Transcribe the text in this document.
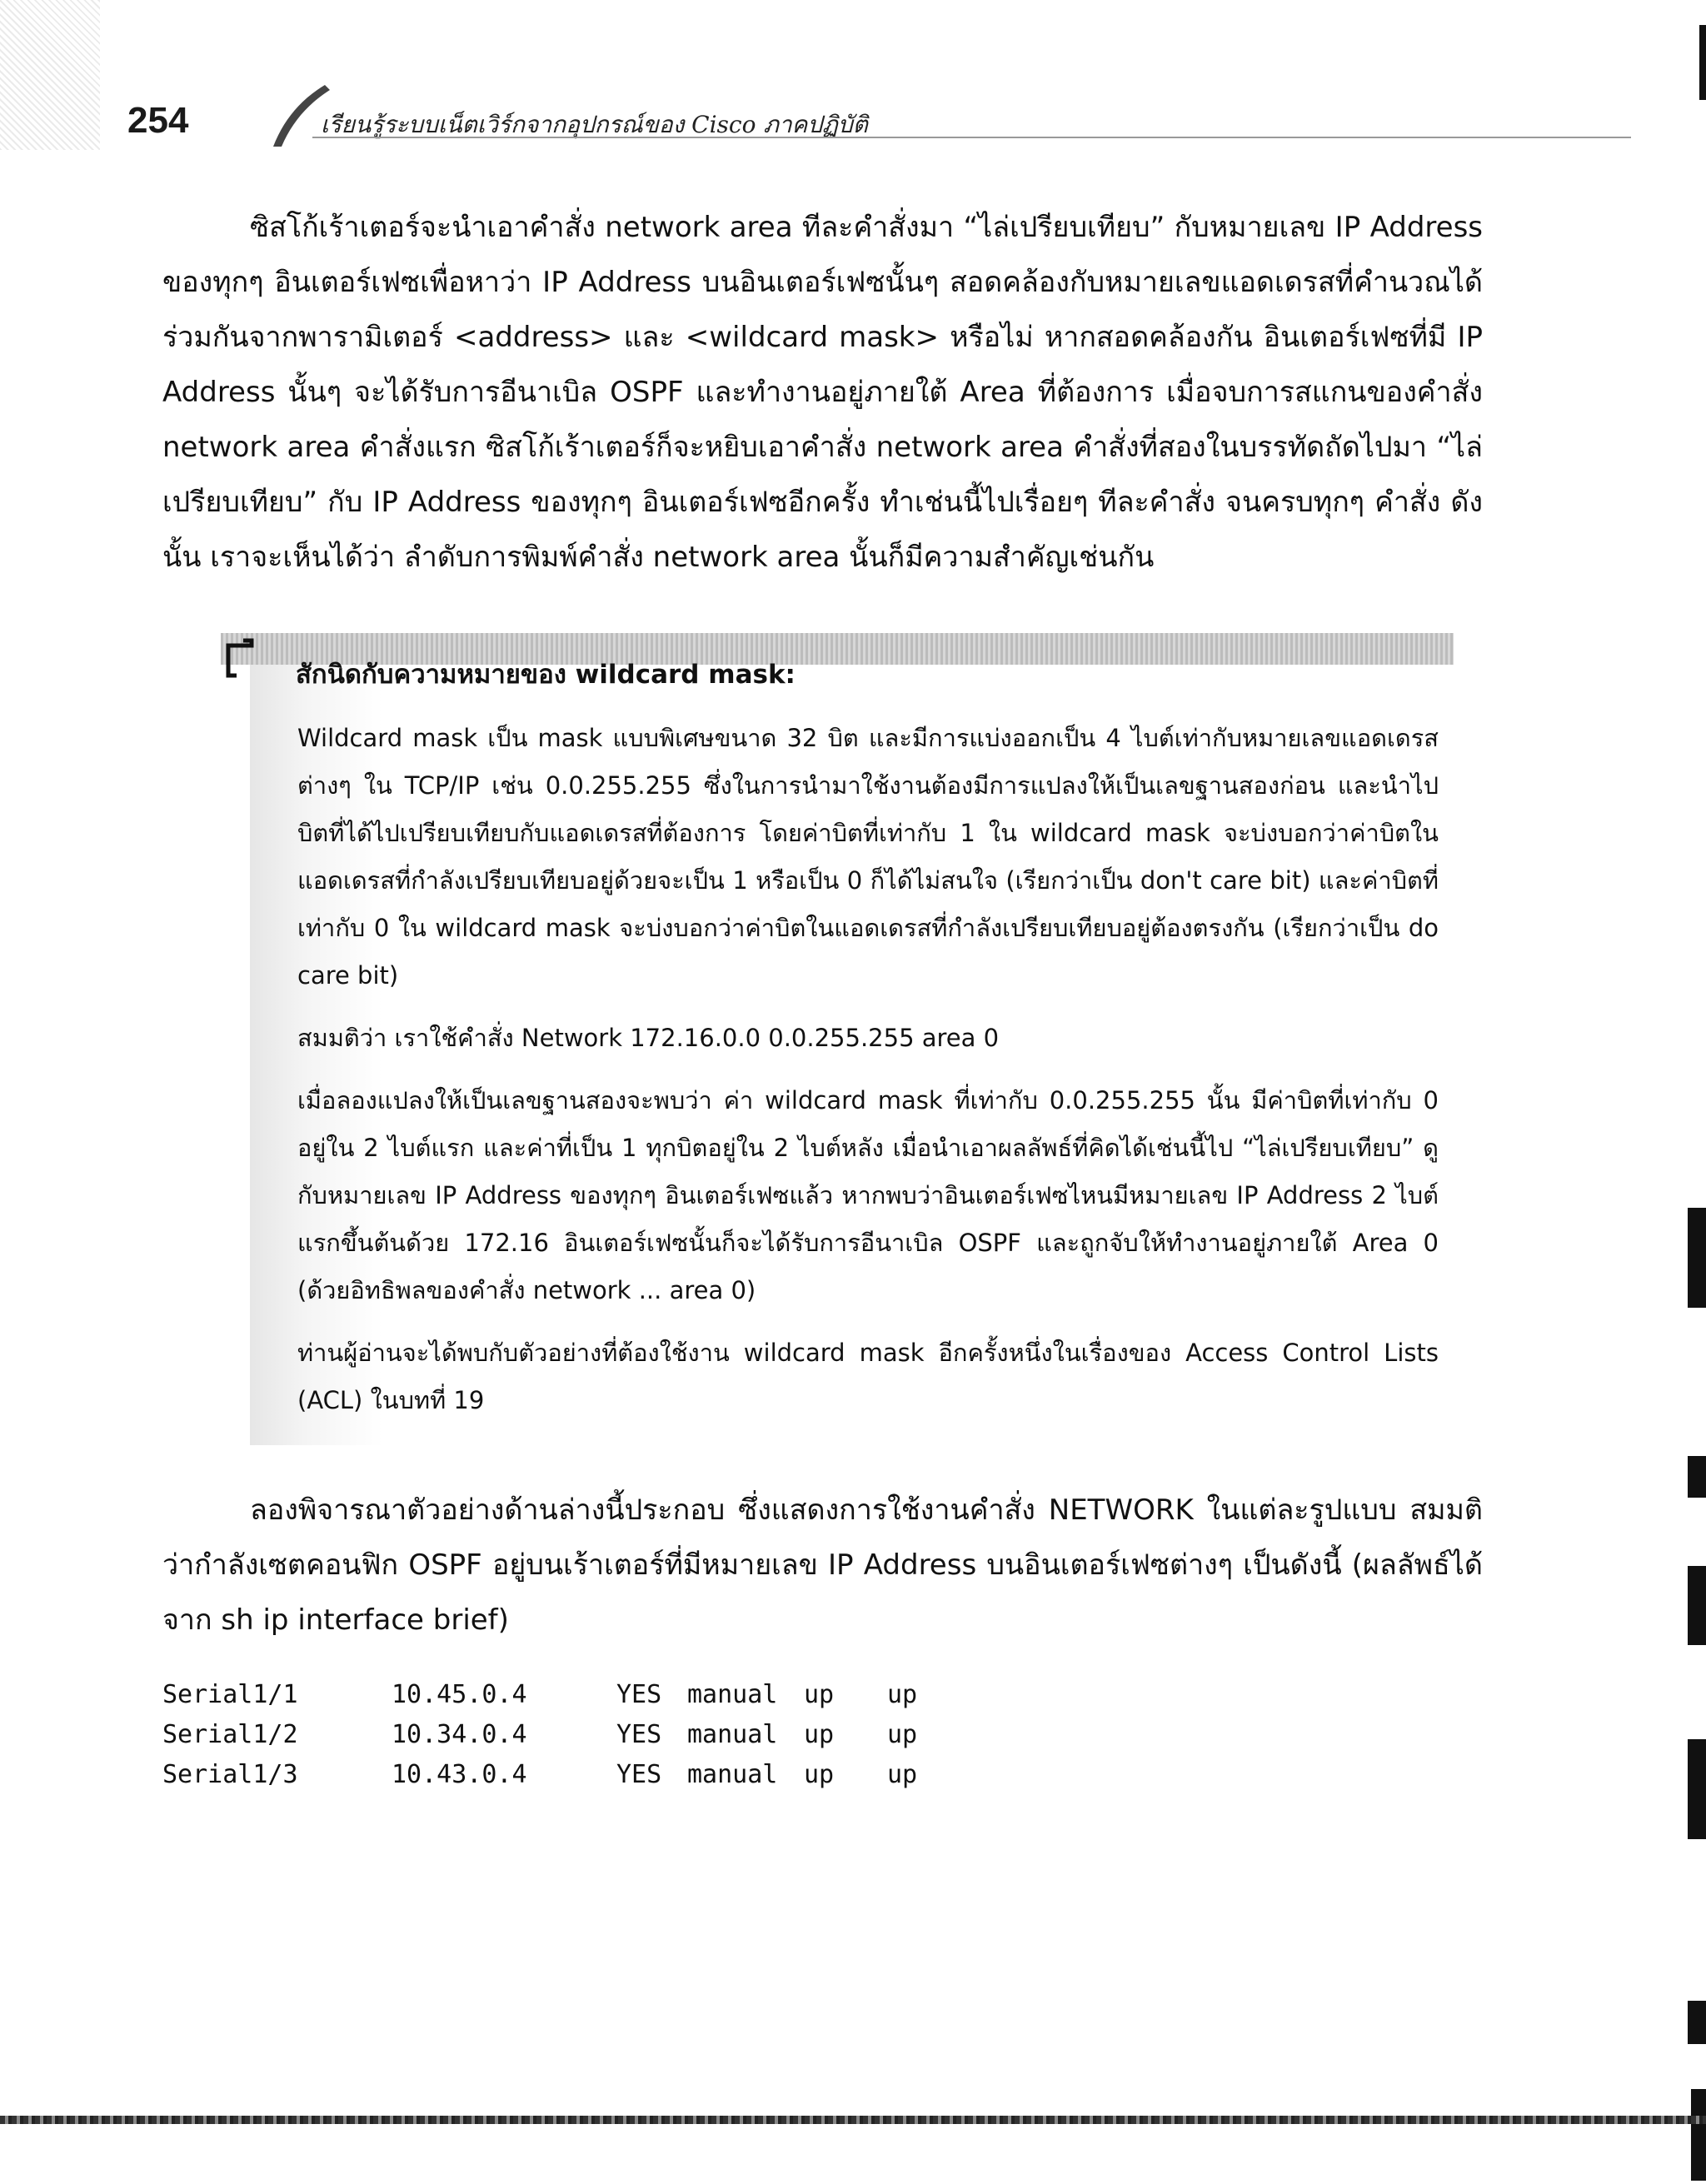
254	เรียนรู้ระบบเน็ตเวิร์กจากอุปกรณ์ของ Cisco ภาคปฏิบัติ

ซิสโก้เร้าเตอร์จะนำเอาคำสั่ง network area ทีละคำสั่งมา “ไล่เปรียบเทียบ” กับหมายเลข IP Address ของทุกๆ อินเตอร์เฟซเพื่อหาว่า IP Address บนอินเตอร์เฟซนั้นๆ สอดคล้องกับหมายเลขแอดเดรสที่คำนวณได้ร่วมกันจากพารามิเตอร์ <address> และ <wildcard mask> หรือไม่ หากสอดคล้องกัน อินเตอร์เฟซที่มี IP Address นั้นๆ จะได้รับการอีนาเบิล OSPF และทำงานอยู่ภายใต้ Area ที่ต้องการ เมื่อจบการสแกนของคำสั่ง network area คำสั่งแรก ซิสโก้เร้าเตอร์ก็จะหยิบเอาคำสั่ง network area คำสั่งที่สองในบรรทัดถัดไปมา “ไล่เปรียบเทียบ” กับ IP Address ของทุกๆ อินเตอร์เฟซอีกครั้ง ทำเช่นนี้ไปเรื่อยๆ ทีละคำสั่ง จนครบทุกๆ คำสั่ง ดังนั้น เราจะเห็นได้ว่า ลำดับการพิมพ์คำสั่ง network area นั้นก็มีความสำคัญเช่นกัน

สักนิดกับความหมายของ wildcard mask:

Wildcard mask เป็น mask แบบพิเศษขนาด 32 บิต และมีการแบ่งออกเป็น 4 ไบต์เท่ากับหมายเลขแอดเดรสต่างๆ ใน TCP/IP เช่น 0.0.255.255 ซึ่งในการนำมาใช้งานต้องมีการแปลงให้เป็นเลขฐานสองก่อน และนำไปบิตที่ได้ไปเปรียบเทียบกับแอดเดรสที่ต้องการ โดยค่าบิตที่เท่ากับ 1 ใน wildcard mask จะบ่งบอกว่าค่าบิตในแอดเดรสที่กำลังเปรียบเทียบอยู่ด้วยจะเป็น 1 หรือเป็น 0 ก็ได้ไม่สนใจ (เรียกว่าเป็น don't care bit) และค่าบิตที่เท่ากับ 0 ใน wildcard mask จะบ่งบอกว่าค่าบิตในแอดเดรสที่กำลังเปรียบเทียบอยู่ต้องตรงกัน (เรียกว่าเป็น do care bit)

สมมติว่า เราใช้คำสั่ง Network 172.16.0.0 0.0.255.255 area 0

เมื่อลองแปลงให้เป็นเลขฐานสองจะพบว่า ค่า wildcard mask ที่เท่ากับ 0.0.255.255 นั้น มีค่าบิตที่เท่ากับ 0 อยู่ใน 2 ไบต์แรก และค่าที่เป็น 1 ทุกบิตอยู่ใน 2 ไบต์หลัง เมื่อนำเอาผลลัพธ์ที่คิดได้เช่นนี้ไป “ไล่เปรียบเทียบ” ดูกับหมายเลข IP Address ของทุกๆ อินเตอร์เฟซแล้ว หากพบว่าอินเตอร์เฟซไหนมีหมายเลข IP Address 2 ไบต์แรกขึ้นต้นด้วย 172.16 อินเตอร์เฟซนั้นก็จะได้รับการอีนาเบิล OSPF และถูกจับให้ทำงานอยู่ภายใต้ Area 0 (ด้วยอิทธิพลของคำสั่ง network ... area 0)

ท่านผู้อ่านจะได้พบกับตัวอย่างที่ต้องใช้งาน wildcard mask อีกครั้งหนึ่งในเรื่องของ Access Control Lists (ACL) ในบทที่ 19

ลองพิจารณาตัวอย่างด้านล่างนี้ประกอบ ซึ่งแสดงการใช้งานคำสั่ง NETWORK ในแต่ละรูปแบบ สมมติว่ากำลังเซตคอนฟิก OSPF อยู่บนเร้าเตอร์ที่มีหมายเลข IP Address บนอินเตอร์เฟซต่างๆ เป็นดังนี้ (ผลลัพธ์ได้จาก sh ip interface brief)

Serial1/1	10.45.0.4	YES	manual	up	up
Serial1/2	10.34.0.4	YES	manual	up	up
Serial1/3	10.43.0.4	YES	manual	up	up
